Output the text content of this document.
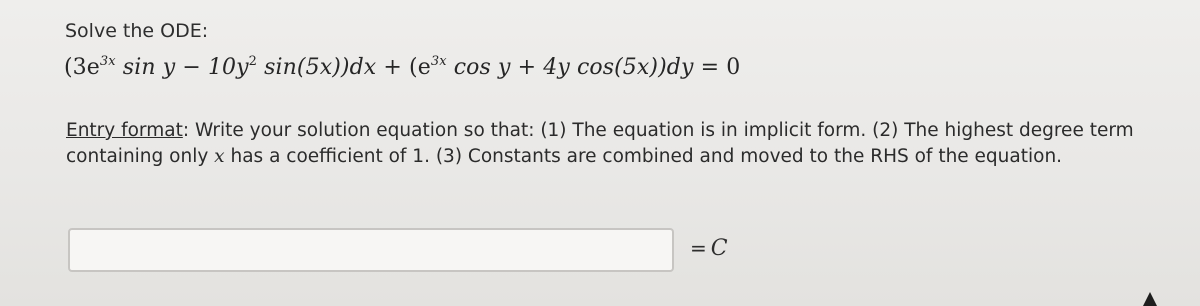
Solve the ODE:
($3e^{3x}$ $\sin y - 10y^2$ $\sin(5x))dx + (e^{3x}$ cos y + 4y cos(5x))dy = 0
Entry format: Write your solution equation so that: (1) The equation is in implicit form. (2) The highest degree term containing only x has a coefficient of 1. (3) Constants are combined and moved to the RHS of the equation.
= C
